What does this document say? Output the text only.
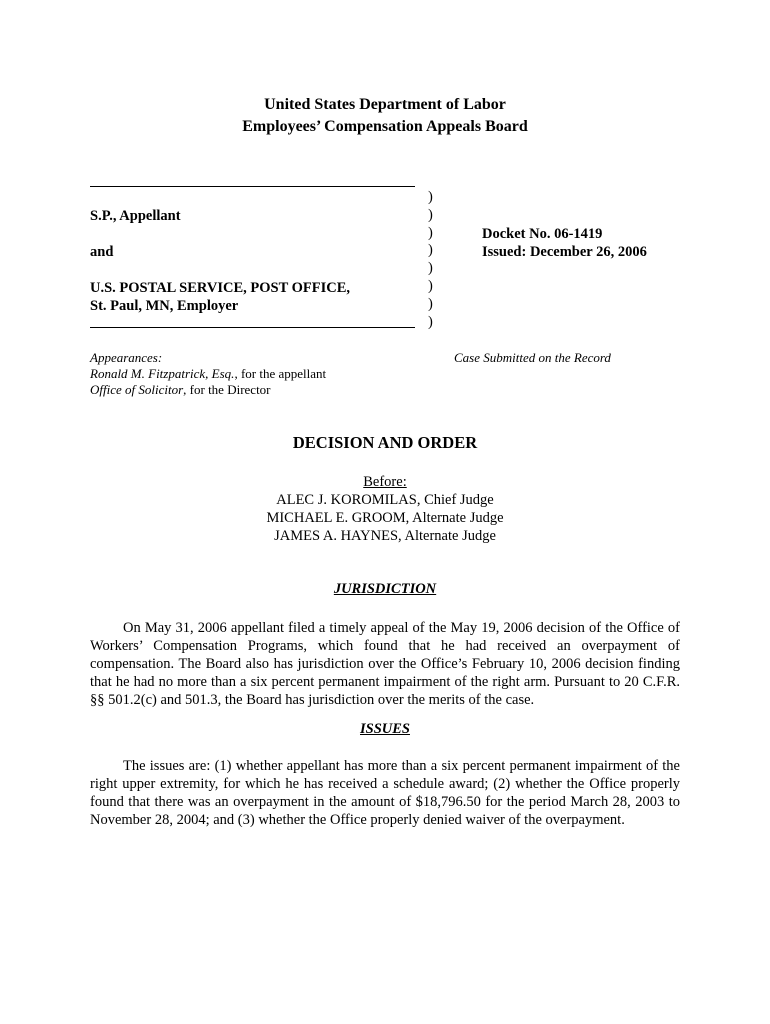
United States Department of Labor
Employees’ Compensation Appeals Board
S.P., Appellant
and
U.S. POSTAL SERVICE, POST OFFICE,
St. Paul, MN, Employer
)
)
)
)
)
)
)
)
Docket No. 06-1419
Issued: December 26, 2006
Appearances:
Ronald M. Fitzpatrick, Esq., for the appellant
Office of Solicitor, for the Director
Case Submitted on the Record
DECISION AND ORDER
Before:
ALEC J. KOROMILAS, Chief Judge
MICHAEL E. GROOM, Alternate Judge
JAMES A. HAYNES, Alternate Judge
JURISDICTION
On May 31, 2006 appellant filed a timely appeal of the May 19, 2006 decision of the Office of Workers’ Compensation Programs, which found that he had received an overpayment of compensation. The Board also has jurisdiction over the Office’s February 10, 2006 decision finding that he had no more than a six percent permanent impairment of the right arm. Pursuant to 20 C.F.R. §§ 501.2(c) and 501.3, the Board has jurisdiction over the merits of the case.
ISSUES
The issues are: (1) whether appellant has more than a six percent permanent impairment of the right upper extremity, for which he has received a schedule award; (2) whether the Office properly found that there was an overpayment in the amount of $18,796.50 for the period March 28, 2003 to November 28, 2004; and (3) whether the Office properly denied waiver of the overpayment.
